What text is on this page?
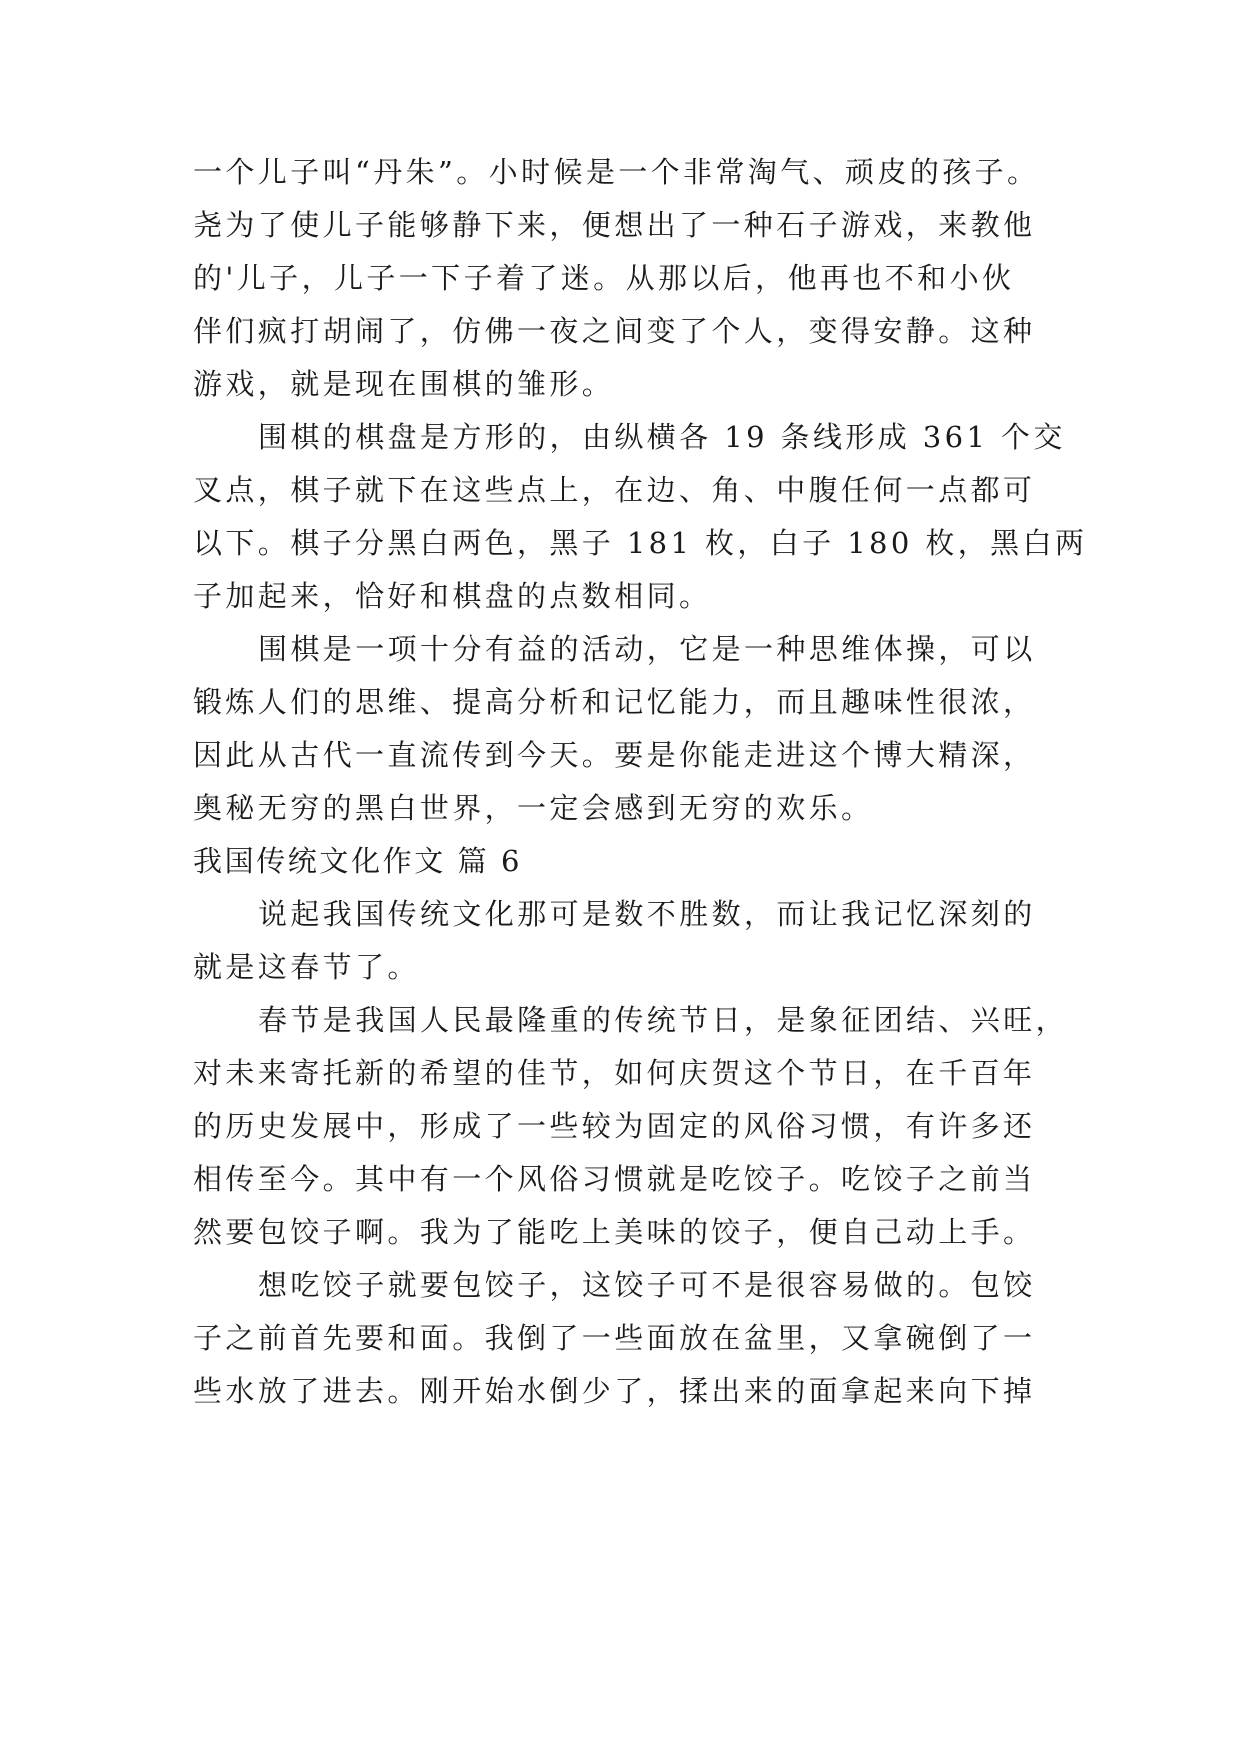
一个儿子叫“丹朱”。小时候是一个非常淘气、顽皮的孩子。
尧为了使儿子能够静下来，便想出了一种石子游戏，来教他
的'儿子，儿子一下子着了迷。从那以后，他再也不和小伙
伴们疯打胡闹了，仿佛一夜之间变了个人，变得安静。这种
游戏，就是现在围棋的雏形。
围棋的棋盘是方形的，由纵横各 19 条线形成 361 个交
叉点，棋子就下在这些点上，在边、角、中腹任何一点都可
以下。棋子分黑白两色，黑子 181 枚，白子 180 枚，黑白两
子加起来，恰好和棋盘的点数相同。
围棋是一项十分有益的活动，它是一种思维体操，可以
锻炼人们的思维、提高分析和记忆能力，而且趣味性很浓，
因此从古代一直流传到今天。要是你能走进这个博大精深，
奥秘无穷的黑白世界，一定会感到无穷的欢乐。
我国传统文化作文 篇 6
说起我国传统文化那可是数不胜数，而让我记忆深刻的
就是这春节了。
春节是我国人民最隆重的传统节日，是象征团结、兴旺，
对未来寄托新的希望的佳节，如何庆贺这个节日，在千百年
的历史发展中，形成了一些较为固定的风俗习惯，有许多还
相传至今。其中有一个风俗习惯就是吃饺子。吃饺子之前当
然要包饺子啊。我为了能吃上美味的饺子，便自己动上手。
想吃饺子就要包饺子，这饺子可不是很容易做的。包饺
子之前首先要和面。我倒了一些面放在盆里，又拿碗倒了一
些水放了进去。刚开始水倒少了，揉出来的面拿起来向下掉
